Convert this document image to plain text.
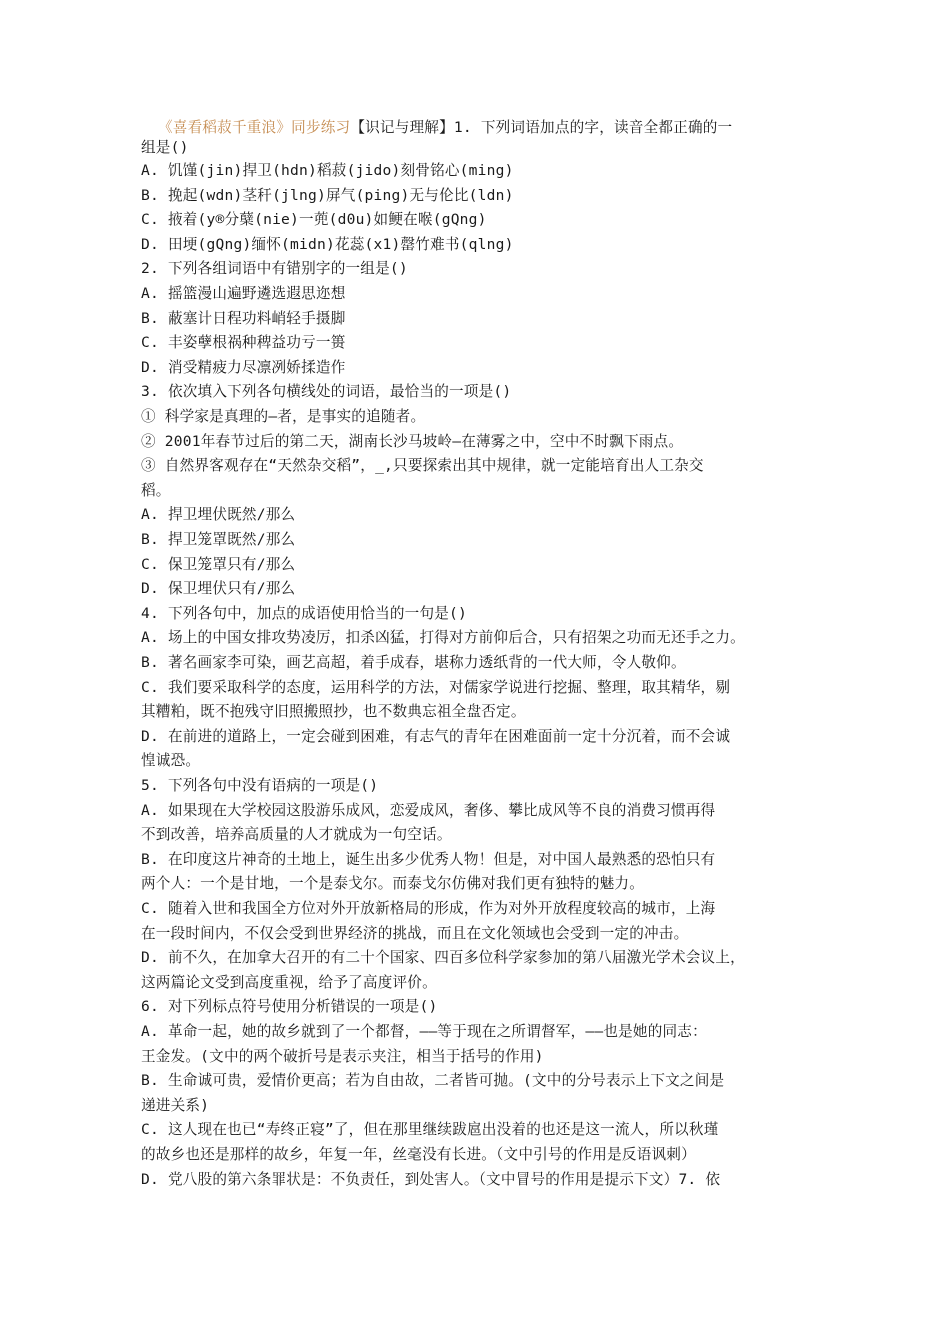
《喜看稻菽千重浪》同步练习【识记与理解】1. 下列词语加点的字，读音全都正确的一
组是()
A. 饥馑(jin)捍卫(hdn)稻菽(jido)刻骨铭心(ming)
B. 挽起(wdn)茎秆(jlng)屏气(ping)无与伦比(ldn)
C. 掖着(y®分蘖(nie)一蔸(d0u)如鲠在喉(gQng)
D. 田埂(gQng)缅怀(midn)花蕊(x1)罄竹难书(qlng)
2. 下列各组词语中有错别字的一组是()
A. 摇篮漫山遍野遴选遐思迩想
B. 蔽塞计日程功料峭轻手摄脚
C. 丰姿孽根祸种稗益功亏一篑
D. 消受精疲力尽凛冽娇揉造作
3. 依次填入下列各句横线处的词语，最恰当的一项是()
① 科学家是真理的—者，是事实的追随者。
② 2001年春节过后的第二天，湖南长沙马坡岭—在薄雾之中，空中不时飘下雨点。
③ 自然界客观存在“天然杂交稻”，_,只要探索出其中规律，就一定能培育出人工杂交
稻。
A. 捍卫埋伏既然/那么
B. 捍卫笼罩既然/那么
C. 保卫笼罩只有/那么
D. 保卫埋伏只有/那么
4. 下列各句中，加点的成语使用恰当的一句是()
A. 场上的中国女排攻势凌厉，扣杀凶猛，打得对方前仰后合，只有招架之功而无还手之力。
B. 著名画家李可染，画艺高超，着手成春，堪称力透纸背的一代大师，令人敬仰。
C. 我们要采取科学的态度，运用科学的方法，对儒家学说进行挖掘、整理，取其精华，剔
其糟粕，既不抱残守旧照搬照抄，也不数典忘祖全盘否定。
D. 在前进的道路上，一定会碰到困难，有志气的青年在困难面前一定十分沉着，而不会诚
惶诚恐。
5. 下列各句中没有语病的一项是()
A. 如果现在大学校园这股游乐成风，恋爱成风，奢侈、攀比成风等不良的消费习惯再得
不到改善，培养高质量的人才就成为一句空话。
B. 在印度这片神奇的土地上，诞生出多少优秀人物！但是，对中国人最熟悉的恐怕只有
两个人：一个是甘地，一个是泰戈尔。而泰戈尔仿佛对我们更有独特的魅力。
C. 随着入世和我国全方位对外开放新格局的形成，作为对外开放程度较高的城市，上海
在一段时间内，不仅会受到世界经济的挑战，而且在文化领域也会受到一定的冲击。
D. 前不久，在加拿大召开的有二十个国家、四百多位科学家参加的第八届激光学术会议上，
这两篇论文受到高度重视，给予了高度评价。
6. 对下列标点符号使用分析错误的一项是()
A. 革命一起，她的故乡就到了一个都督，——等于现在之所谓督军，——也是她的同志：
王金发。(文中的两个破折号是表示夹注，相当于括号的作用)
B. 生命诚可贵，爱情价更高；若为自由故，二者皆可抛。(文中的分号表示上下文之间是
递进关系)
C. 这人现在也已“寿终正寝”了，但在那里继续跋扈出没着的也还是这一流人，所以秋瑾
的故乡也还是那样的故乡，年复一年，丝毫没有长进。（文中引号的作用是反语讽刺）
D. 党八股的第六条罪状是：不负责任，到处害人。（文中冒号的作用是提示下文）7. 依
